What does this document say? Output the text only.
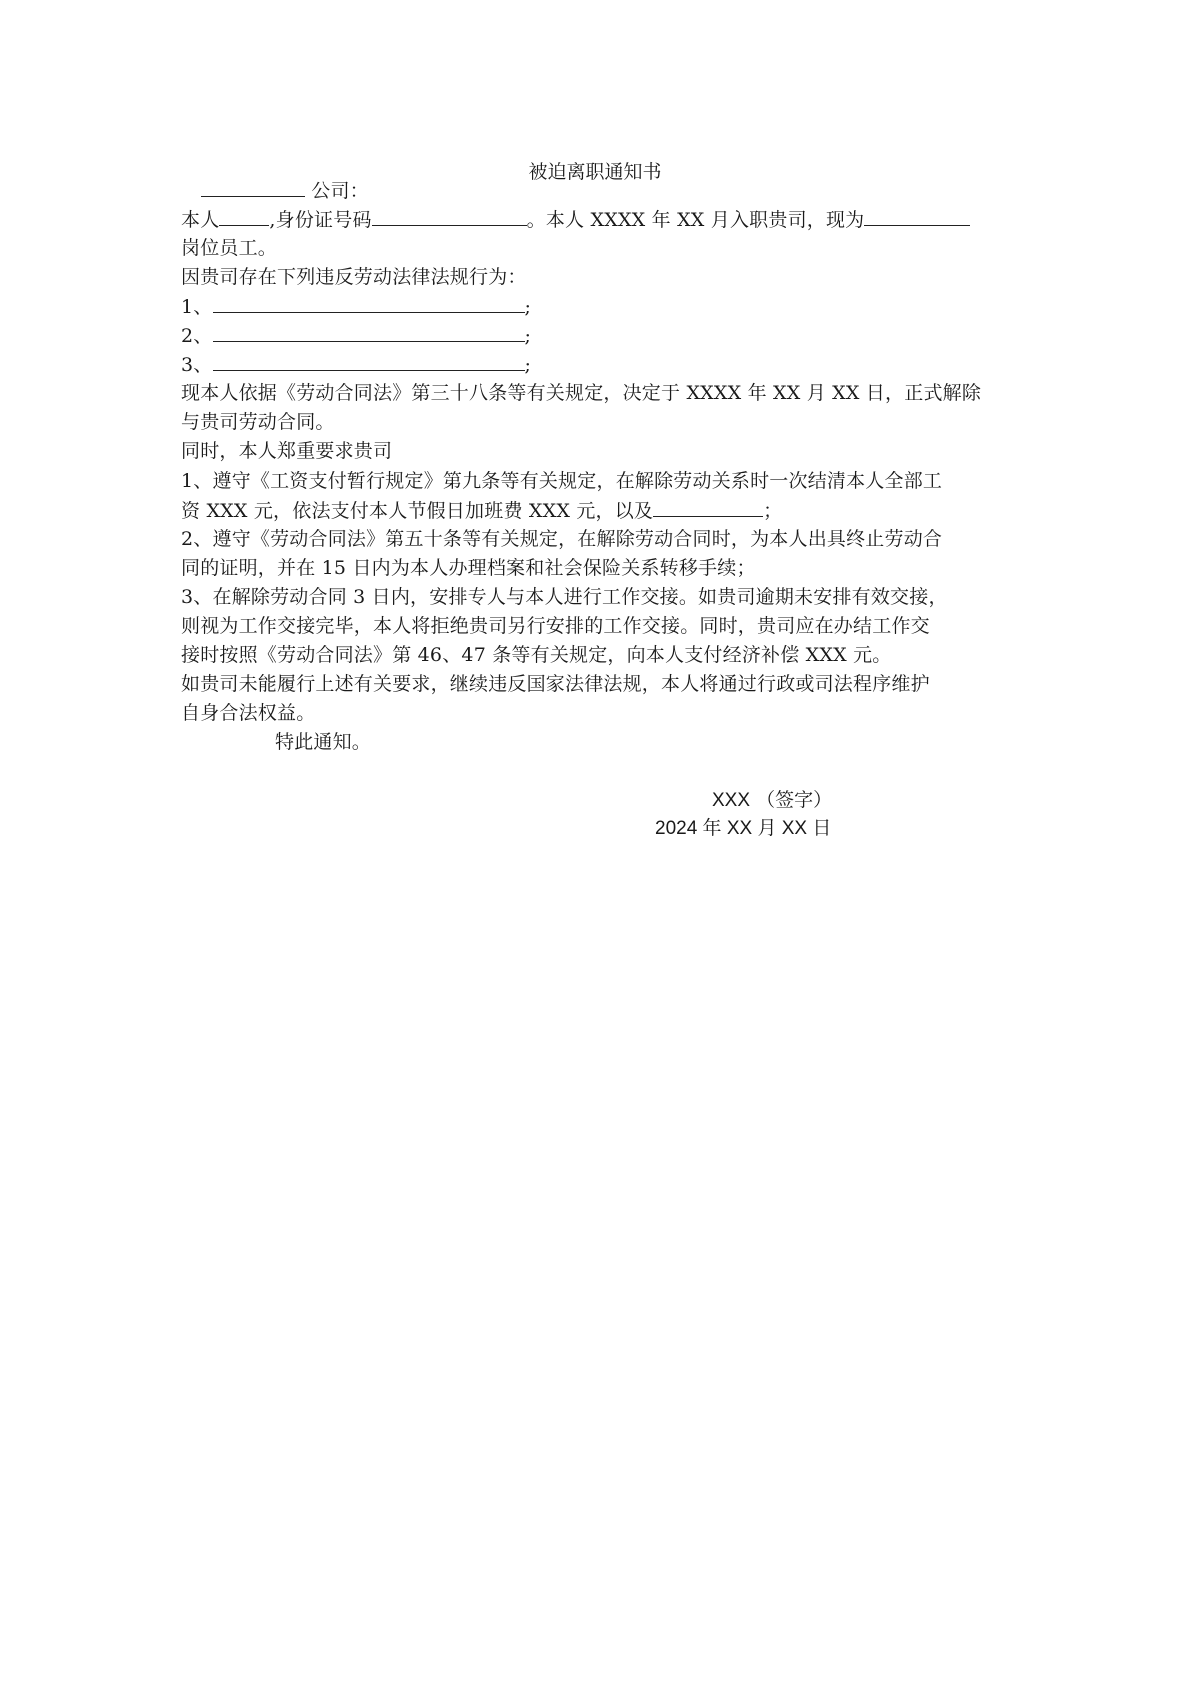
被迫离职通知书
公司：
本人	,身份证号码	。本人 XXXX 年 XX 月入职贵司，现为
岗位员工。
因贵司存在下列违反劳动法律法规行为：
1、	;
2、	;
3、	;
现本人依据《劳动合同法》第三十八条等有关规定，决定于 XXXX 年 XX 月 XX 日，正式解除
与贵司劳动合同。
同时，本人郑重要求贵司
1、遵守《工资支付暂行规定》第九条等有关规定，在解除劳动关系时一次结清本人全部工
资 XXX 元，依法支付本人节假日加班费 XXX 元，以及	；
2、遵守《劳动合同法》第五十条等有关规定，在解除劳动合同时，为本人出具终止劳动合
同的证明，并在 15 日内为本人办理档案和社会保险关系转移手续；
3、在解除劳动合同 3 日内，安排专人与本人进行工作交接。如贵司逾期未安排有效交接，
则视为工作交接完毕，本人将拒绝贵司另行安排的工作交接。同时，贵司应在办结工作交
接时按照《劳动合同法》第 46、47 条等有关规定，向本人支付经济补偿 XXX 元。
如贵司未能履行上述有关要求，继续违反国家法律法规，本人将通过行政或司法程序维护
自身合法权益。
特此通知。
XXX （签字）
2024 年 XX 月 XX 日
